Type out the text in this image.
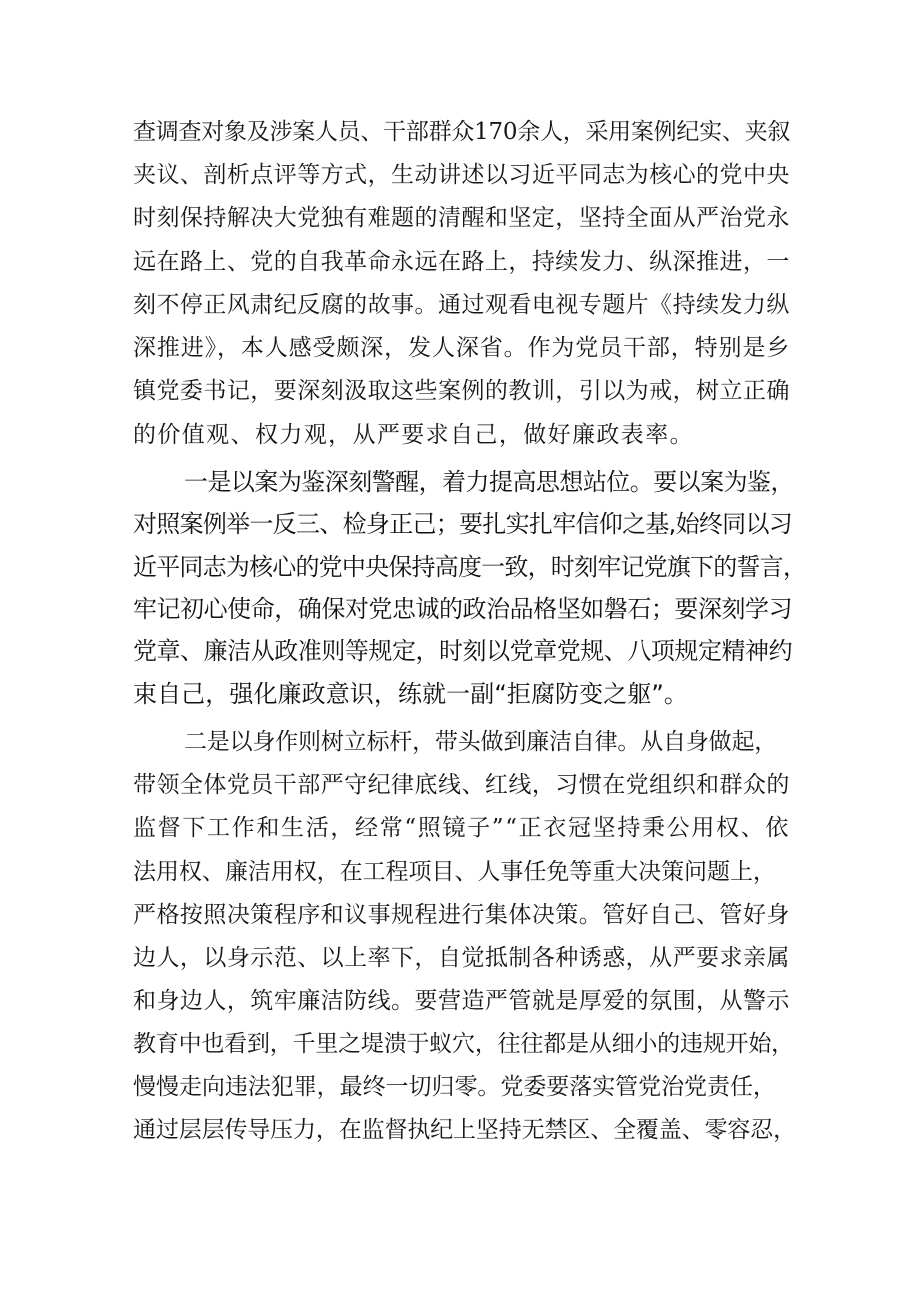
查调查对象及涉案人员、干部群众170余人，采用案例纪实、夹叙
夹议、剖析点评等方式，生动讲述以习近平同志为核心的党中央
时刻保持解决大党独有难题的清醒和坚定，坚持全面从严治党永
远在路上、党的自我革命永远在路上，持续发力、纵深推进，一
刻不停正风肃纪反腐的故事。通过观看电视专题片《持续发力纵
深推进》，本人感受颇深，发人深省。作为党员干部，特别是乡
镇党委书记，要深刻汲取这些案例的教训，引以为戒，树立正确
的价值观、权力观，从严要求自己，做好廉政表率。
一是以案为鉴深刻警醒，着力提高思想站位。要以案为鉴，
对照案例举一反三、检身正己；要扎实扎牢信仰之基,始终同以习
近平同志为核心的党中央保持高度一致，时刻牢记党旗下的誓言，
牢记初心使命，确保对党忠诚的政治品格坚如磐石；要深刻学习
党章、廉洁从政准则等规定，时刻以党章党规、八项规定精神约
束自己，强化廉政意识，练就一副“拒腐防变之躯”。
二是以身作则树立标杆，带头做到廉洁自律。从自身做起，
带领全体党员干部严守纪律底线、红线，习惯在党组织和群众的
监督下工作和生活，经常“照镜子”“正衣冠坚持秉公用权、依
法用权、廉洁用权，在工程项目、人事任免等重大决策问题上，
严格按照决策程序和议事规程进行集体决策。管好自己、管好身
边人，以身示范、以上率下，自觉抵制各种诱惑，从严要求亲属
和身边人，筑牢廉洁防线。要营造严管就是厚爱的氛围，从警示
教育中也看到，千里之堤溃于蚁穴，往往都是从细小的违规开始，
慢慢走向违法犯罪，最终一切归零。党委要落实管党治党责任，
通过层层传导压力，在监督执纪上坚持无禁区、全覆盖、零容忍，
